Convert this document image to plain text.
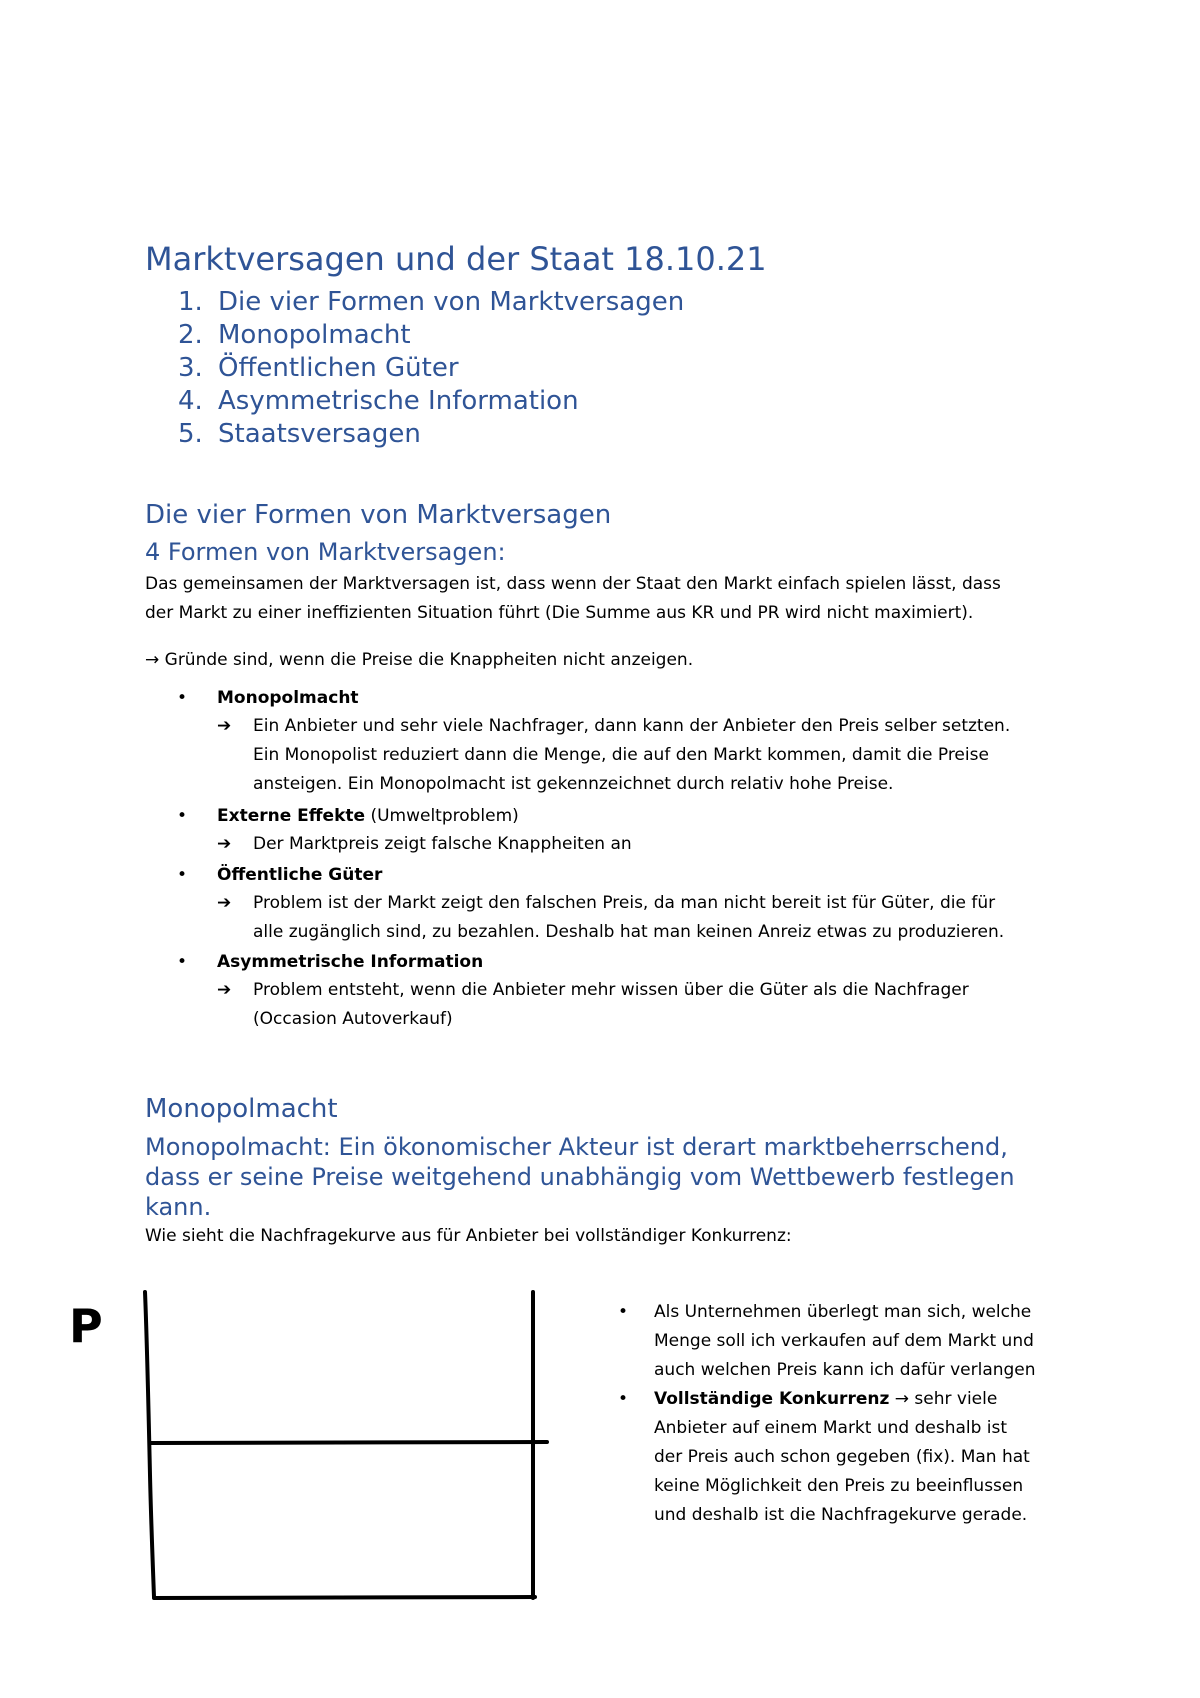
Marktversagen und der Staat 18.10.21
1. Die vier Formen von Marktversagen
2. Monopolmacht
3. Öffentlichen Güter
4. Asymmetrische Information
5. Staatsversagen
Die vier Formen von Marktversagen
4 Formen von Marktversagen:

Das gemeinsamen der Marktversagen ist, dass wenn der Staat den Markt einfach spielen lässt, dass

der Markt zu einer ineffizienten Situation führt (Die Summe aus KR und PR wird nicht maximiert).

→ Gründe sind, wenn die Preise die Knappheiten nicht anzeigen.

• Monopolmacht
➔ Ein Anbieter und sehr viele Nachfrager, dann kann der Anbieter den Preis selber setzten.
Ein Monopolist reduziert dann die Menge, die auf den Markt kommen, damit die Preise
ansteigen. Ein Monopolmacht ist gekennzeichnet durch relativ hohe Preise.
• Externe Effekte (Umweltproblem)
➔ Der Marktpreis zeigt falsche Knappheiten an
• Öffentliche Güter
➔ Problem ist der Markt zeigt den falschen Preis, da man nicht bereit ist für Güter, die für
alle zugänglich sind, zu bezahlen. Deshalb hat man keinen Anreiz etwas zu produzieren.
• Asymmetrische Information
➔ Problem entsteht, wenn die Anbieter mehr wissen über die Güter als die Nachfrager
(Occasion Autoverkauf)
Monopolmacht
Monopolmacht: Ein ökonomischer Akteur ist derart marktbeherrschend, dass er seine Preise weitgehend unabhängig vom Wettbewerb festlegen kann.

Wie sieht die Nachfragekurve aus für Anbieter bei vollständiger Konkurrenz:

P	• Als Unternehmen überlegt man sich, welche
Menge soll ich verkaufen auf dem Markt und
auch welchen Preis kann ich dafür verlangen
• Vollständige Konkurrenz → sehr viele
Anbieter auf einem Markt und deshalb ist
der Preis auch schon gegeben (fix). Man hat
keine Möglichkeit den Preis zu beeinflussen
und deshalb ist die Nachfragekurve gerade.
